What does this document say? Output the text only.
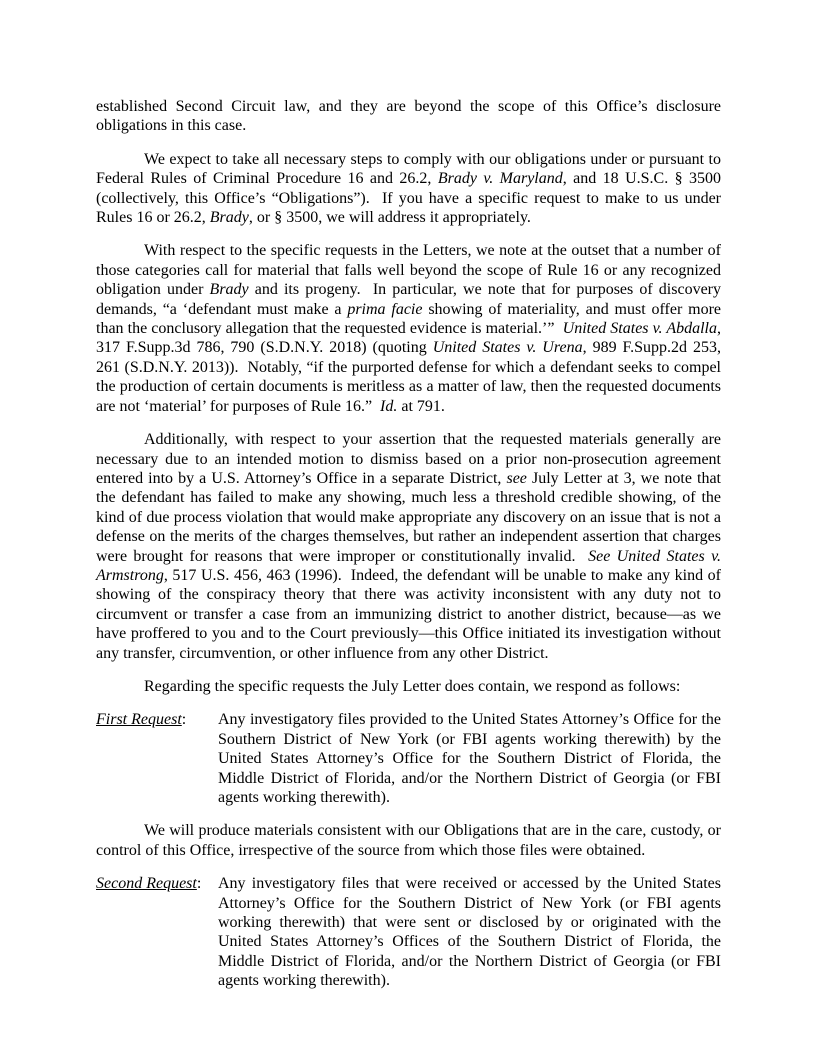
established Second Circuit law, and they are beyond the scope of this Office’s disclosure obligations in this case.

We expect to take all necessary steps to comply with our obligations under or pursuant to Federal Rules of Criminal Procedure 16 and 26.2, Brady v. Maryland, and 18 U.S.C. § 3500 (collectively, this Office’s “Obligations”).  If you have a specific request to make to us under Rules 16 or 26.2, Brady, or § 3500, we will address it appropriately.

With respect to the specific requests in the Letters, we note at the outset that a number of those categories call for material that falls well beyond the scope of Rule 16 or any recognized obligation under Brady and its progeny.  In particular, we note that for purposes of discovery demands, “a ‘defendant must make a prima facie showing of materiality, and must offer more than the conclusory allegation that the requested evidence is material.’”  United States v. Abdalla, 317 F.Supp.3d 786, 790 (S.D.N.Y. 2018) (quoting United States v. Urena, 989 F.Supp.2d 253, 261 (S.D.N.Y. 2013)).  Notably, “if the purported defense for which a defendant seeks to compel the production of certain documents is meritless as a matter of law, then the requested documents are not ‘material’ for purposes of Rule 16.”  Id. at 791.

Additionally, with respect to your assertion that the requested materials generally are necessary due to an intended motion to dismiss based on a prior non-prosecution agreement entered into by a U.S. Attorney’s Office in a separate District, see July Letter at 3, we note that the defendant has failed to make any showing, much less a threshold credible showing, of the kind of due process violation that would make appropriate any discovery on an issue that is not a defense on the merits of the charges themselves, but rather an independent assertion that charges were brought for reasons that were improper or constitutionally invalid.  See United States v. Armstrong, 517 U.S. 456, 463 (1996).  Indeed, the defendant will be unable to make any kind of showing of the conspiracy theory that there was activity inconsistent with any duty not to circumvent or transfer a case from an immunizing district to another district, because—as we have proffered to you and to the Court previously—this Office initiated its investigation without any transfer, circumvention, or other influence from any other District.

Regarding the specific requests the July Letter does contain, we respond as follows:

First Request:	Any investigatory files provided to the United States Attorney’s Office for the Southern District of New York (or FBI agents working therewith) by the United States Attorney’s Office for the Southern District of Florida, the Middle District of Florida, and/or the Northern District of Georgia (or FBI agents working therewith).

We will produce materials consistent with our Obligations that are in the care, custody, or control of this Office, irrespective of the source from which those files were obtained.

Second Request:	Any investigatory files that were received or accessed by the United States Attorney’s Office for the Southern District of New York (or FBI agents working therewith) that were sent or disclosed by or originated with the United States Attorney’s Offices of the Southern District of Florida, the Middle District of Florida, and/or the Northern District of Georgia (or FBI agents working therewith).
